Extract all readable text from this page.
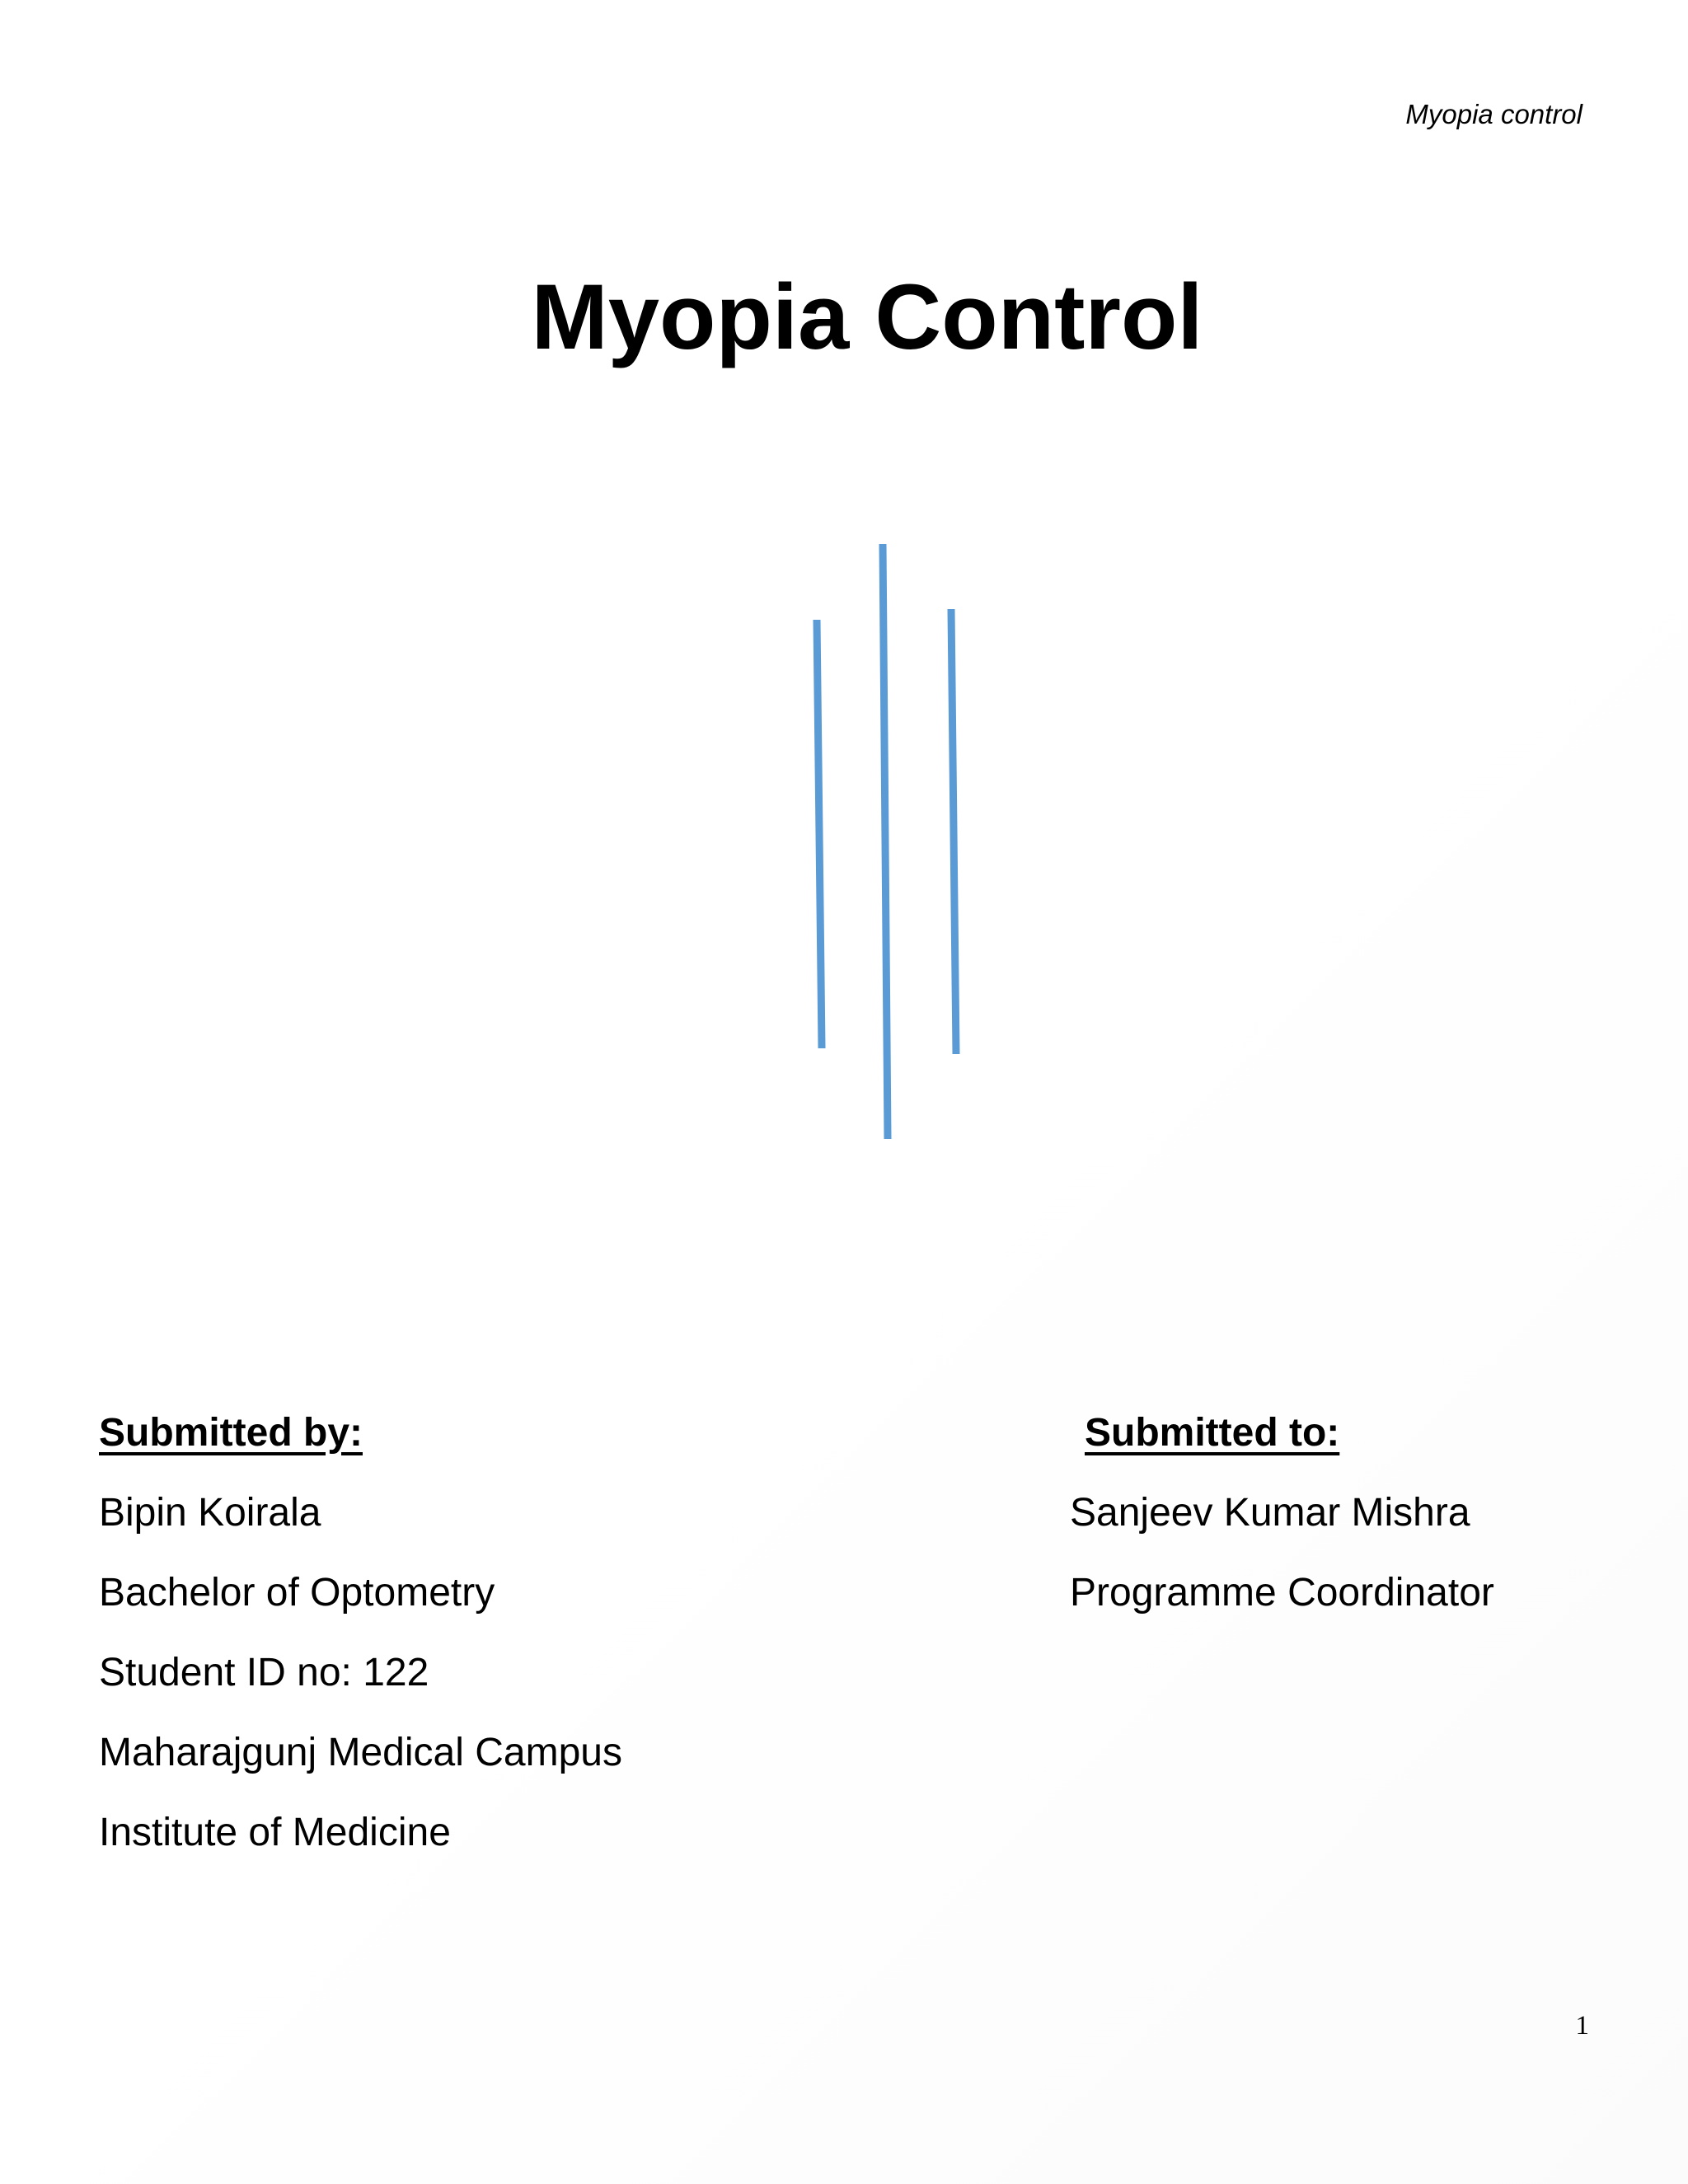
Myopia control
Myopia Control
Submitted by:
Bipin Koirala
Bachelor of Optometry
Student ID no: 122
Maharajgunj Medical Campus
Institute of Medicine
Submitted to:
Sanjeev Kumar Mishra
Programme Coordinator
1
